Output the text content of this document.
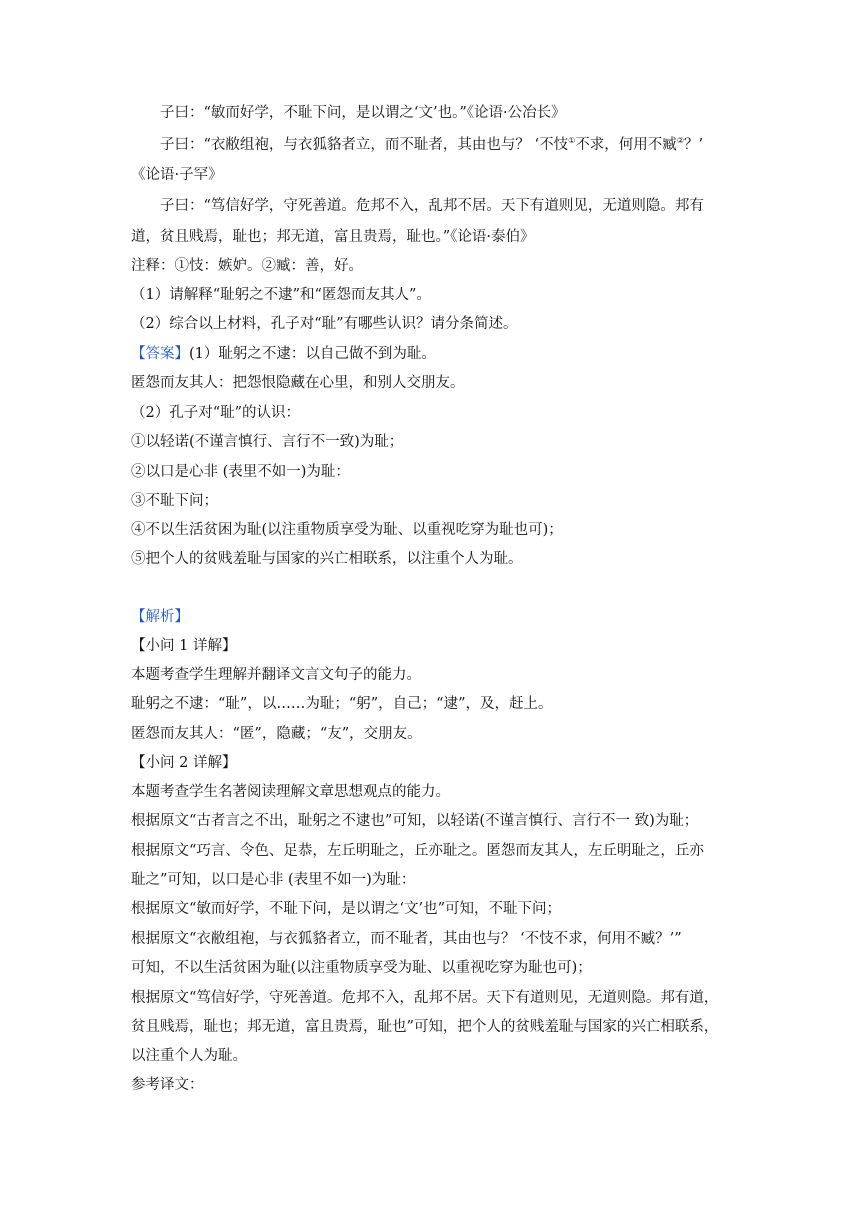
子曰：“敏而好学，不耻下问，是以谓之‘文’也。”《论语·公冶长》
子曰：“衣敝组袍，与衣狐貉者立，而不耻者，其由也与？ ‘不忮①不求，何用不臧②？’
《论语·子罕》
子曰：“笃信好学，守死善道。危邦不入，乱邦不居。天下有道则见，无道则隐。邦有
道，贫且贱焉，耻也；邦无道，富且贵焉，耻也。”《论语·泰伯》
注释：①忮：嫉妒。②臧：善，好。
（1）请解释“耻躬之不逮”和“匿怨而友其人”。
（2）综合以上材料，孔子对“耻”有哪些认识？请分条简述。
【答案】(1）耻躬之不逮：以自己做不到为耻。
匿怨而友其人：把怨恨隐藏在心里，和别人交朋友。
（2）孔子对“耻”的认识：
①以轻诺(不谨言慎行、言行不一致)为耻；
②以口是心非 (表里不如一)为耻：
③不耻下问；
④不以生活贫困为耻(以注重物质享受为耻、以重视吃穿为耻也可)；
⑤把个人的贫贱羞耻与国家的兴亡相联系，以注重个人为耻。
【解析】
【小问 1 详解】
本题考查学生理解并翻译文言文句子的能力。
耻躬之不逮：“耻”，以……为耻；“躬”，自己；“逮”，及，赶上。
匿怨而友其人：“匿”，隐藏；“友”，交朋友。
【小问 2 详解】
本题考查学生名著阅读理解文章思想观点的能力。
根据原文“古者言之不出，耻躬之不逮也”可知，以轻诺(不谨言慎行、言行不一 致)为耻；
根据原文“巧言、令色、足恭，左丘明耻之，丘亦耻之。匿怨而友其人，左丘明耻之，丘亦
耻之”可知，以口是心非 (表里不如一)为耻：
根据原文“敏而好学，不耻下问，是以谓之‘文’也”可知，不耻下问；
根据原文“衣敝组袍，与衣狐貉者立，而不耻者，其由也与？ ‘不忮不求，何用不臧？’”
可知，不以生活贫困为耻(以注重物质享受为耻、以重视吃穿为耻也可)；
根据原文“笃信好学，守死善道。危邦不入，乱邦不居。天下有道则见，无道则隐。邦有道，
贫且贱焉，耻也；邦无道，富且贵焉，耻也”可知，把个人的贫贱羞耻与国家的兴亡相联系，
以注重个人为耻。
参考译文：
